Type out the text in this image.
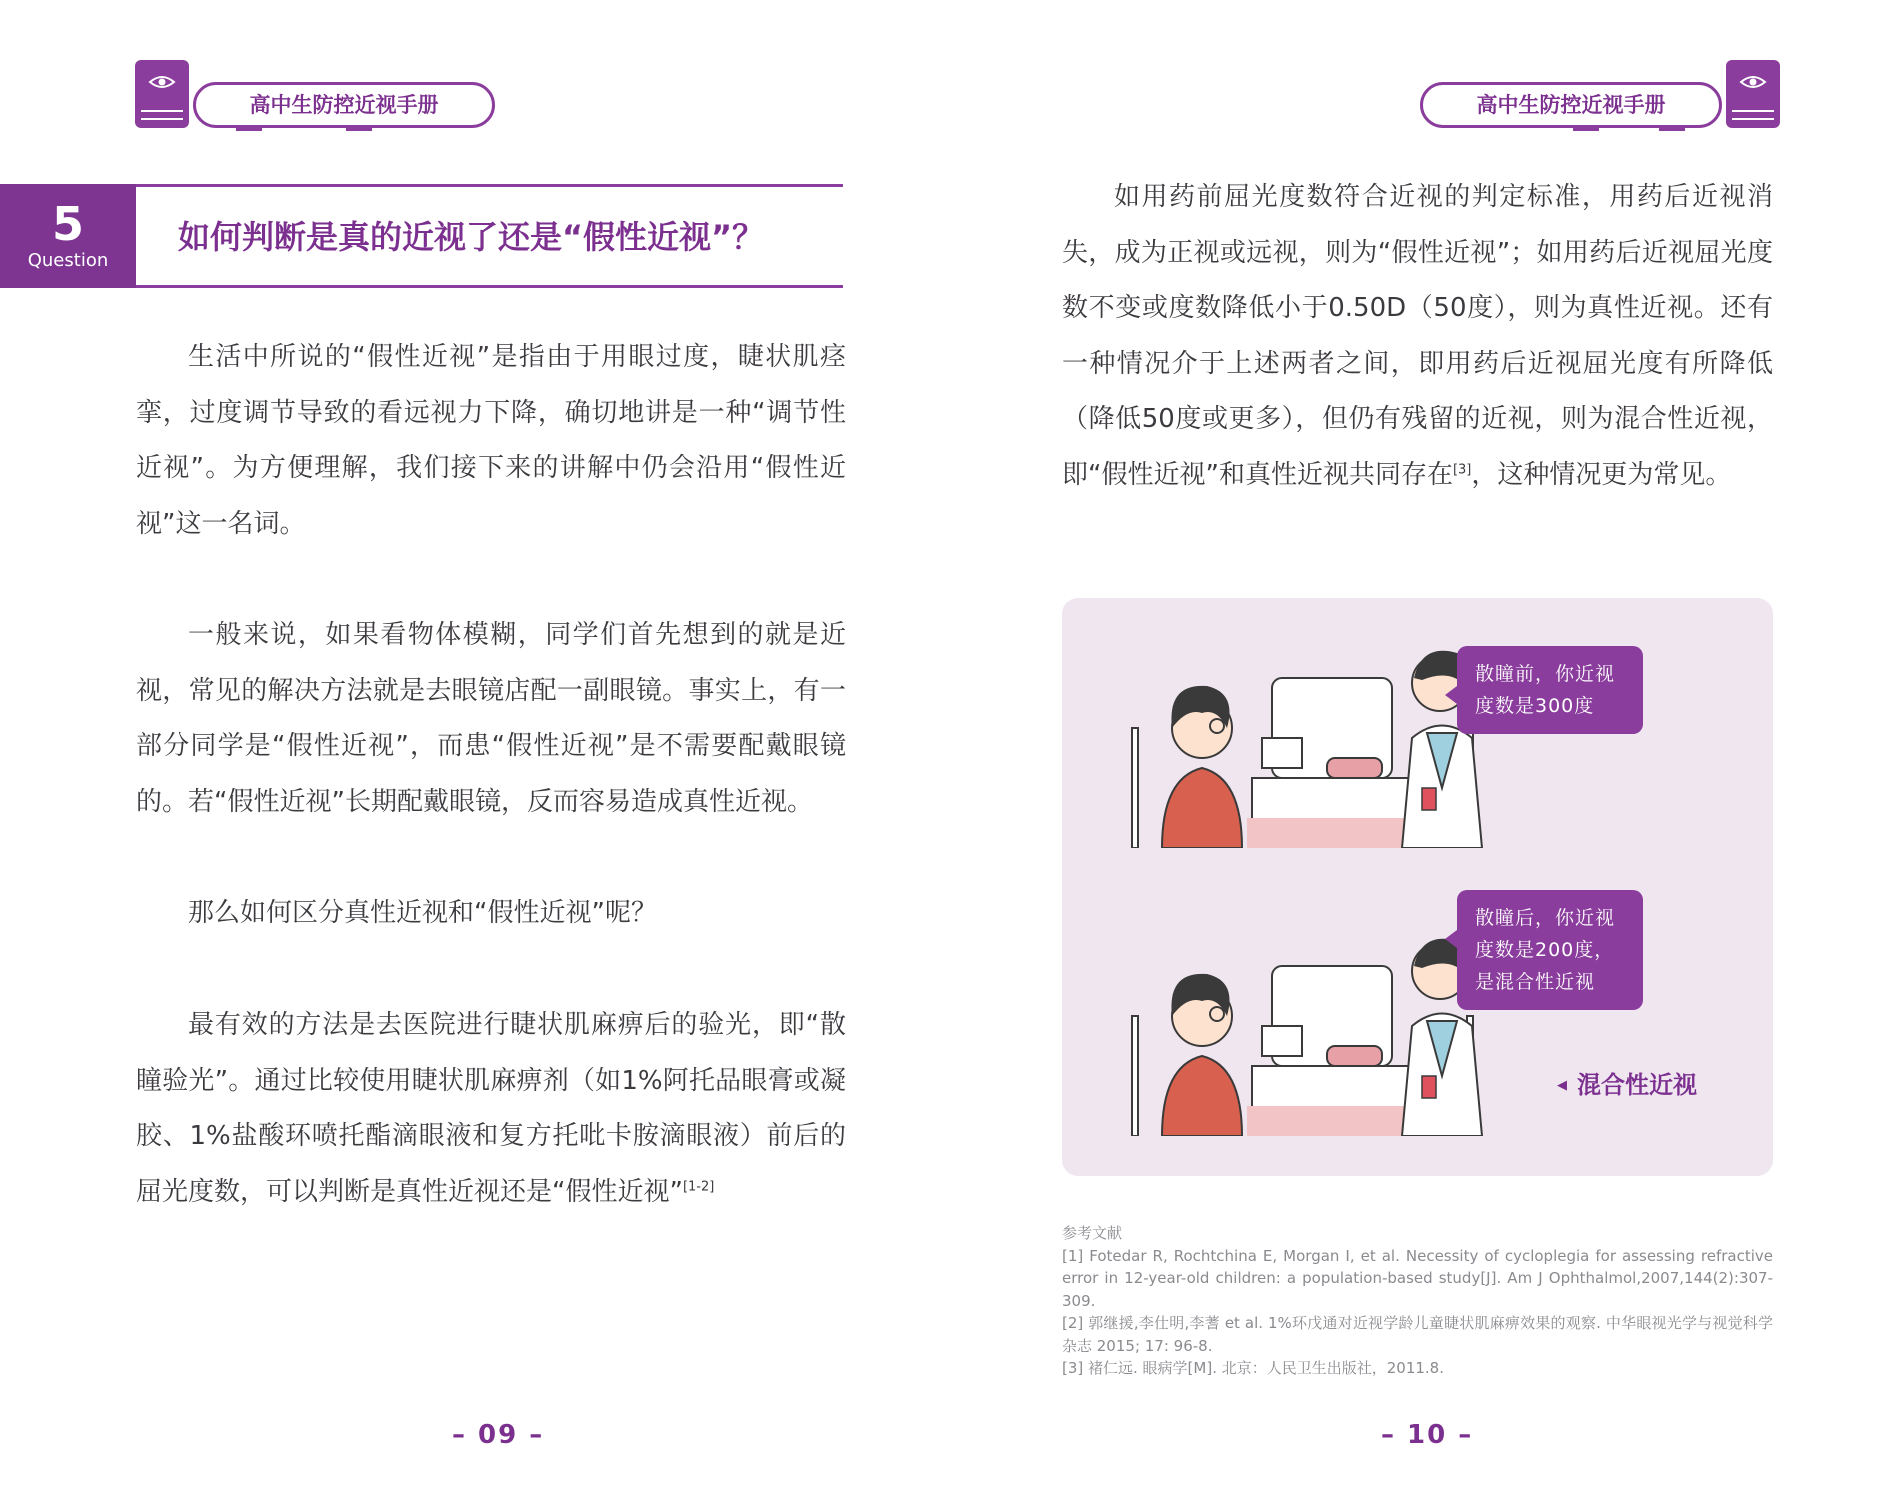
高中生防控近视手册
5
Question
如何判断是真的近视了还是“假性近视”？

生活中所说的“假性近视”是指由于用眼过度，睫状肌痉挛，过度调节导致的看远视力下降，确切地讲是一种“调节性近视”。为方便理解，我们接下来的讲解中仍会沿用“假性近视”这一名词。

一般来说，如果看物体模糊，同学们首先想到的就是近视，常见的解决方法就是去眼镜店配一副眼镜。事实上，有一部分同学是“假性近视”，而患“假性近视”是不需要配戴眼镜的。若“假性近视”长期配戴眼镜，反而容易造成真性近视。

那么如何区分真性近视和“假性近视”呢？

最有效的方法是去医院进行睫状肌麻痹后的验光，即“散瞳验光”。通过比较使用睫状肌麻痹剂（如1%阿托品眼膏或凝胶、1%盐酸环喷托酯滴眼液和复方托吡卡胺滴眼液）前后的屈光度数，可以判断是真性近视还是“假性近视”[1-2]

– 09 –
高中生防控近视手册

如用药前屈光度数符合近视的判定标准，用药后近视消失，成为正视或远视，则为“假性近视”；如用药后近视屈光度数不变或度数降低小于0.50D（50度），则为真性近视。还有一种情况介于上述两者之间，即用药后近视屈光度有所降低（降低50度或更多），但仍有残留的近视，则为混合性近视，即“假性近视”和真性近视共同存在[3]，这种情况更为常见。

散瞳前，你近视度数是300度
散瞳后，你近视度数是200度，是混合性近视
◀ 混合性近视

参考文献

[1] Fotedar R, Rochtchina E, Morgan I, et al. Necessity of cycloplegia for assessing refractive error in 12-year-old children: a population-based study[J]. Am J Ophthalmol,2007,144(2):307-309.

[2] 郭继援,李仕明,李蓍 et al. 1%环戊通对近视学龄儿童睫状肌麻痹效果的观察. 中华眼视光学与视觉科学杂志 2015; 17: 96-8.

[3] 褚仁远. 眼病学[M]. 北京：人民卫生出版社，2011.8.

– 10 –
